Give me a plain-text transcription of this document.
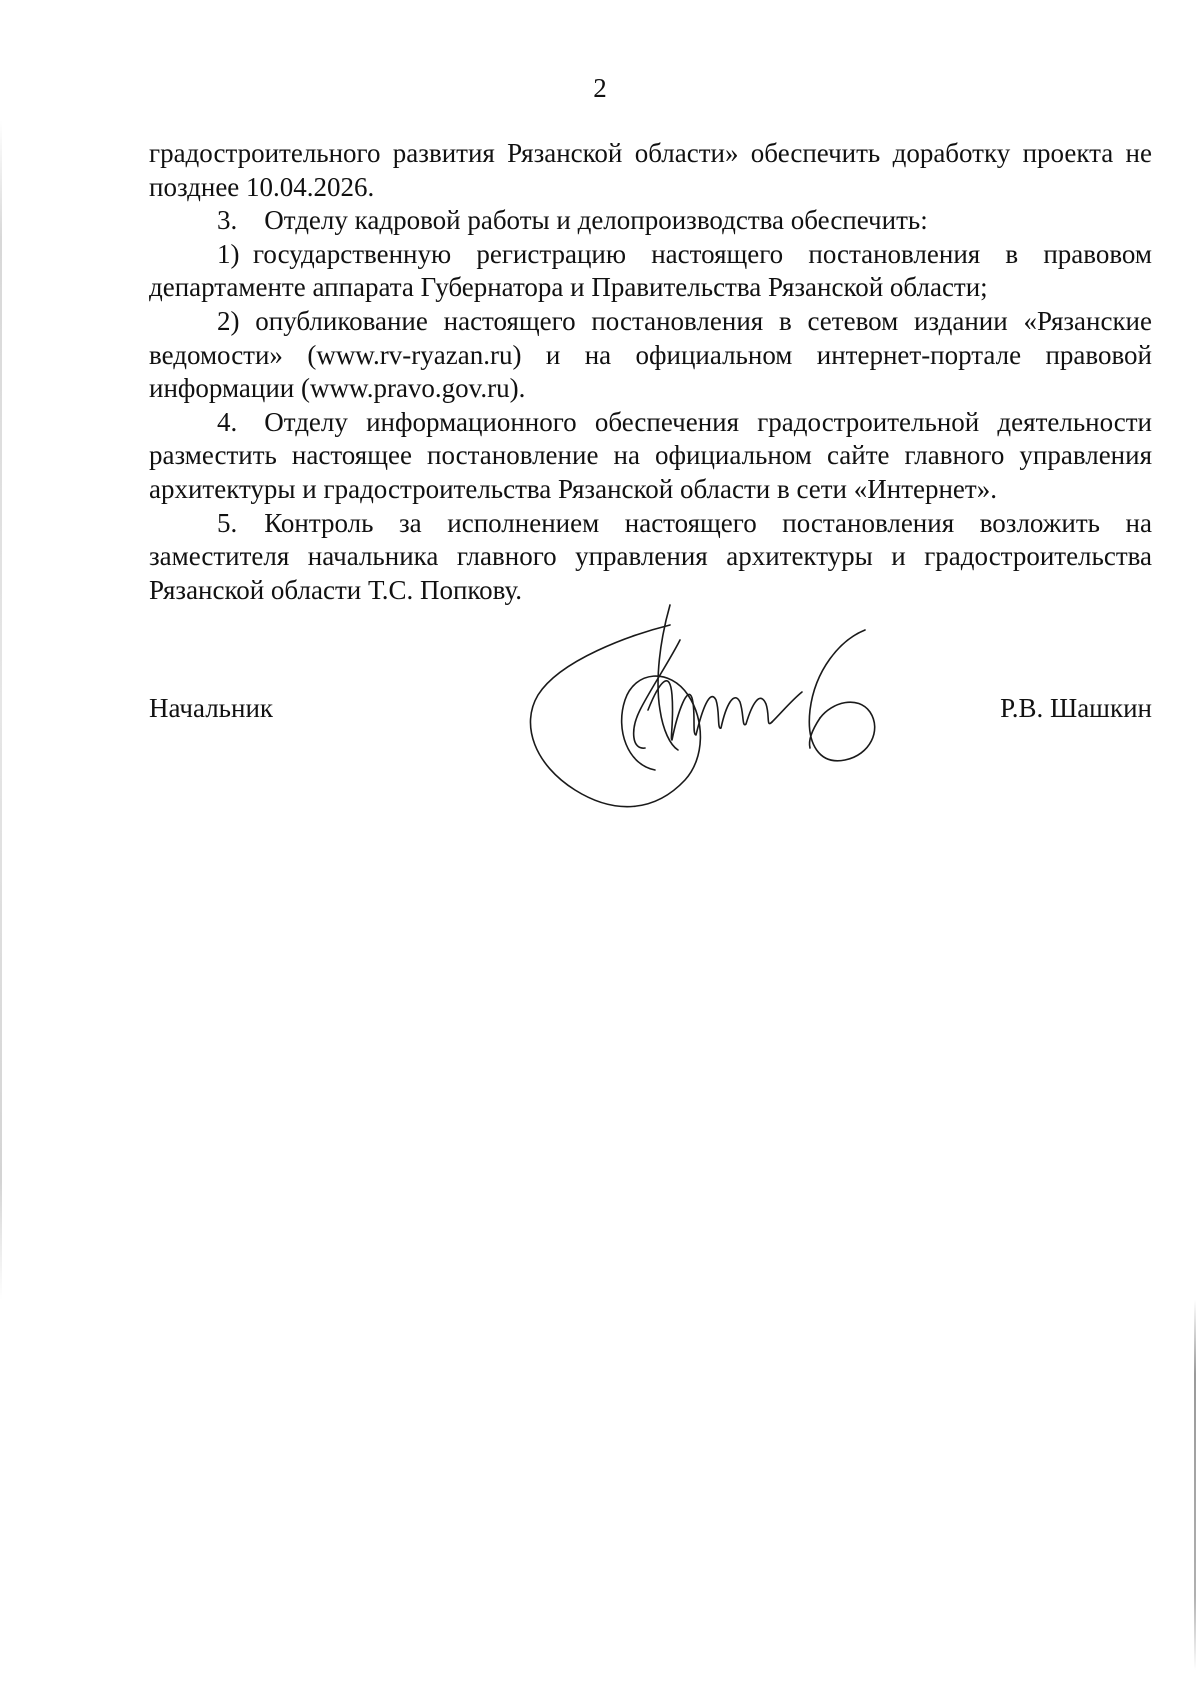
2

градостроительного развития Рязанской области» обеспечить доработку проекта не позднее 10.04.2026.

3. Отделу кадровой работы и делопроизводства обеспечить:

1) государственную регистрацию настоящего постановления в правовом департаменте аппарата Губернатора и Правительства Рязанской области;

2) опубликование настоящего постановления в сетевом издании «Рязанские ведомости» (www.rv-ryazan.ru) и на официальном интернет-портале правовой информации (www.pravo.gov.ru).

4. Отделу информационного обеспечения градостроительной деятельности разместить настоящее постановление на официальном сайте главного управления архитектуры и градостроительства Рязанской области в сети «Интернет».

5. Контроль за исполнением настоящего постановления возложить на заместителя начальника главного управления архитектуры и градостроительства Рязанской области Т.С. Попкову.

Начальник	Р.В. Шашкин
